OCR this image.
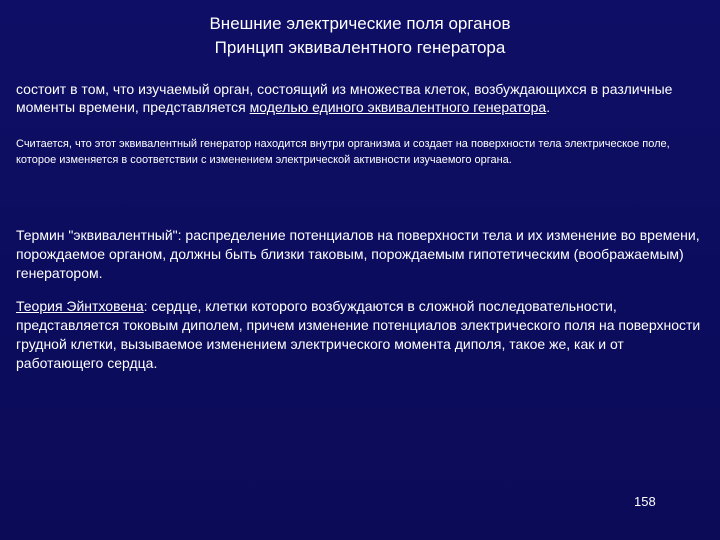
Внешние электрические поля органов
Принцип эквивалентного генератора
состоит в том, что изучаемый орган, состоящий из множества клеток, возбуждающихся в различные моменты времени, представляется моделью единого эквивалентного генератора.
Считается, что этот эквивалентный генератор находится внутри организма и создает на поверхности тела электрическое поле, которое изменяется в соответствии с изменением электрической активности изучаемого органа.
Термин "эквивалентный": распределение потенциалов на поверхности тела и их изменение во времени, порождаемое органом, должны быть близки таковым, порождаемым гипотетическим (воображаемым) генератором.
Теория Эйнтховена: сердце, клетки которого возбуждаются в сложной последовательности, представляется токовым диполем, причем изменение потенциалов электрического поля на поверхности грудной клетки, вызываемое изменением электрического момента диполя, такое же, как и от работающего сердца.
158
